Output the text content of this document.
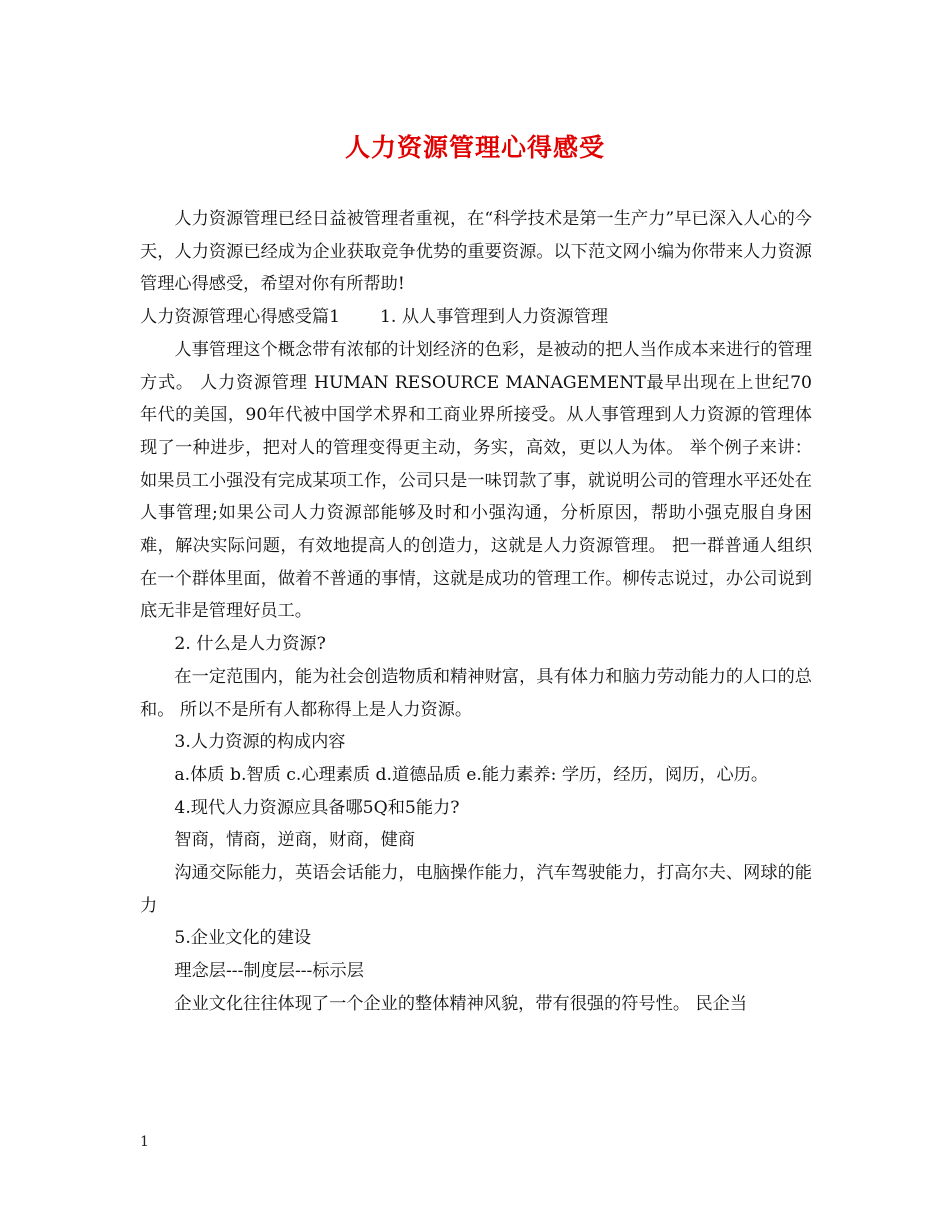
人力资源管理心得感受

人力资源管理已经日益被管理者重视，在“科学技术是第一生产力”早已深入人心的今天，人力资源已经成为企业获取竞争优势的重要资源。以下范文网小编为你带来人力资源管理心得感受，希望对你有所帮助!

人力资源管理心得感受篇1 1. 从人事管理到人力资源管理

人事管理这个概念带有浓郁的计划经济的色彩，是被动的把人当作成本来进行的管理方式。 人力资源管理 HUMAN RESOURCE MANAGEMENT最早出现在上世纪70年代的美国，90年代被中国学术界和工商业界所接受。从人事管理到人力资源的管理体现了一种进步，把对人的管理变得更主动，务实，高效，更以人为体。 举个例子来讲：如果员工小强没有完成某项工作，公司只是一味罚款了事，就说明公司的管理水平还处在人事管理;如果公司人力资源部能够及时和小强沟通，分析原因，帮助小强克服自身困难，解决实际问题，有效地提高人的创造力，这就是人力资源管理。 把一群普通人组织在一个群体里面，做着不普通的事情，这就是成功的管理工作。柳传志说过，办公司说到底无非是管理好员工。

2. 什么是人力资源?

在一定范围内，能为社会创造物质和精神财富，具有体力和脑力劳动能力的人口的总和。 所以不是所有人都称得上是人力资源。

3.人力资源的构成内容

a.体质 b.智质 c.心理素质 d.道德品质 e.能力素养: 学历，经历，阅历，心历。

4.现代人力资源应具备哪5Q和5能力?

智商，情商，逆商，财商，健商

沟通交际能力，英语会话能力，电脑操作能力，汽车驾驶能力，打高尔夫、网球的能力

5.企业文化的建设

理念层---制度层---标示层

企业文化往往体现了一个企业的整体精神风貌，带有很强的符号性。 民企当

1
